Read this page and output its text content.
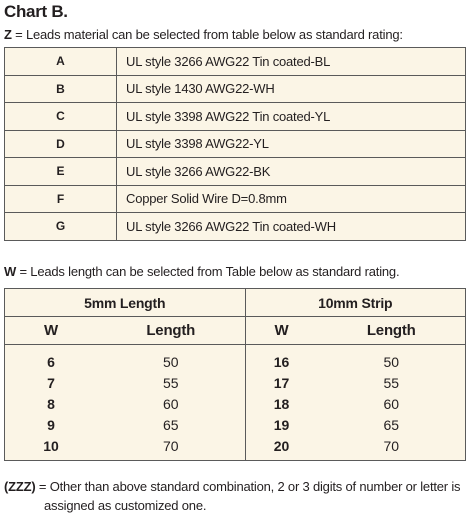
Chart B.
Z = Leads material can be selected from table below as standard rating:
A	UL style 3266 AWG22 Tin coated-BL
B	UL style 1430 AWG22-WH
C	UL style 3398 AWG22 Tin coated-YL
D	UL style 3398 AWG22-YL
E	UL style 3266 AWG22-BK
F	Copper Solid Wire D=0.8mm
G	UL style 3266 AWG22 Tin coated-WH
W = Leads length can be selected from Table below as standard rating.
5mm Length		10mm Strip	
W	Length	W	Length
6	50	16	50
7	55	17	55
8	60	18	60
9	65	19	65
10	70	20	70
(ZZZ) = Other than above standard combination, 2 or 3 digits of number or letter is
assigned as customized one.
